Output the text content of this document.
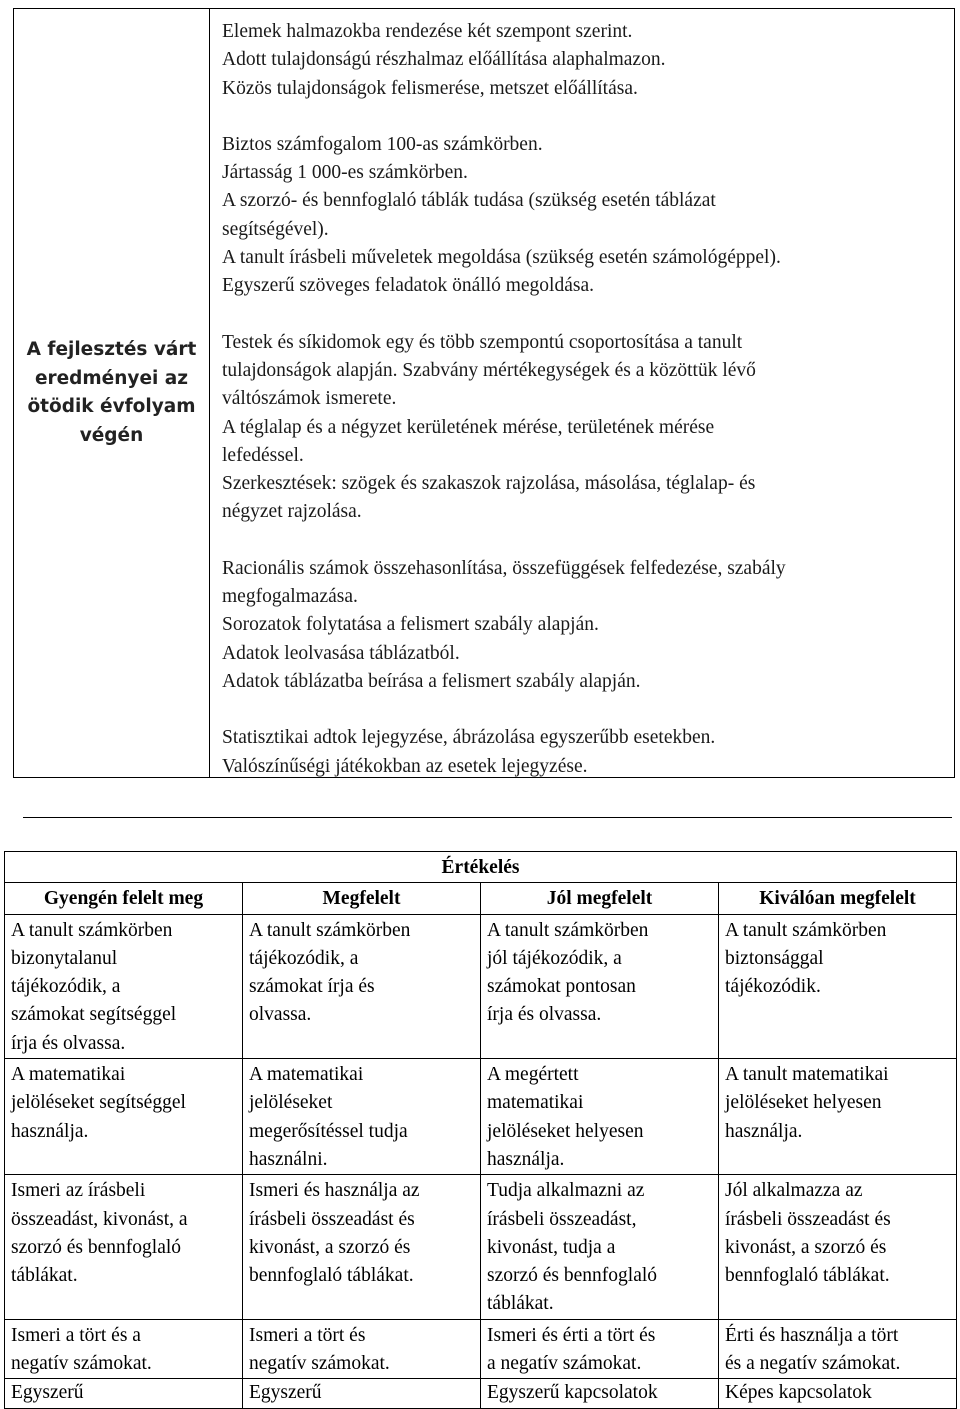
A fejlesztés várt
eredményei az
ötödik évfolyam
végén
Elemek halmazokba rendezése két szempont szerint.
Adott tulajdonságú részhalmaz előállítása alaphalmazon.
Közös tulajdonságok felismerése, metszet előállítása.
Biztos számfogalom 100-as számkörben.
Jártasság 1 000-es számkörben.
A szorzó- és bennfoglaló táblák tudása (szükség esetén táblázat
segítségével).
A tanult írásbeli műveletek megoldása (szükség esetén számológéppel).
Egyszerű szöveges feladatok önálló megoldása.
Testek és síkidomok egy és több szempontú csoportosítása a tanult
tulajdonságok alapján. Szabvány mértékegységek és a közöttük lévő
váltószámok ismerete.
A téglalap és a négyzet kerületének mérése, területének mérése
lefedéssel.
Szerkesztések: szögek és szakaszok rajzolása, másolása, téglalap- és
négyzet rajzolása.
Racionális számok összehasonlítása, összefüggések felfedezése, szabály
megfogalmazása.
Sorozatok folytatása a felismert szabály alapján.
Adatok leolvasása táblázatból.
Adatok táblázatba beírása a felismert szabály alapján.
Statisztikai adtok lejegyzése, ábrázolása egyszerűbb esetekben.
Valószínűségi játékokban az esetek lejegyzése.
Értékelés			
Gyengén felelt meg	Megfelelt	Jól megfelelt	Kiválóan megfelelt

A tanult számkörben
bizonytalanul
tájékozódik, a
számokat segítséggel
írja és olvassa.	A tanult számkörben
tájékozódik, a
számokat írja és
olvassa.	A tanult számkörben
jól tájékozódik, a
számokat pontosan
írja és olvassa.	A tanult számkörben
biztonsággal
tájékozódik.

A matematikai
jelöléseket segítséggel
használja.	A matematikai
jelöléseket
megerősítéssel tudja
használni.	A megértett
matematikai
jelöléseket helyesen
használja.	A tanult matematikai
jelöléseket helyesen
használja.

Ismeri az írásbeli
összeadást, kivonást, a
szorzó és bennfoglaló
táblákat.	Ismeri és használja az
írásbeli összeadást és
kivonást, a szorzó és
bennfoglaló táblákat.	Tudja alkalmazni az
írásbeli összeadást,
kivonást, tudja a
szorzó és bennfoglaló
táblákat.	Jól alkalmazza az
írásbeli összeadást és
kivonást, a szorzó és
bennfoglaló táblákat.

Ismeri a tört és a
negatív számokat.	Ismeri a tört és
negatív számokat.	Ismeri és érti a tört és
a negatív számokat.	Érti és használja a tört
és a negatív számokat.

Egyszerű	Egyszerű	Egyszerű kapcsolatok	Képes kapcsolatok
